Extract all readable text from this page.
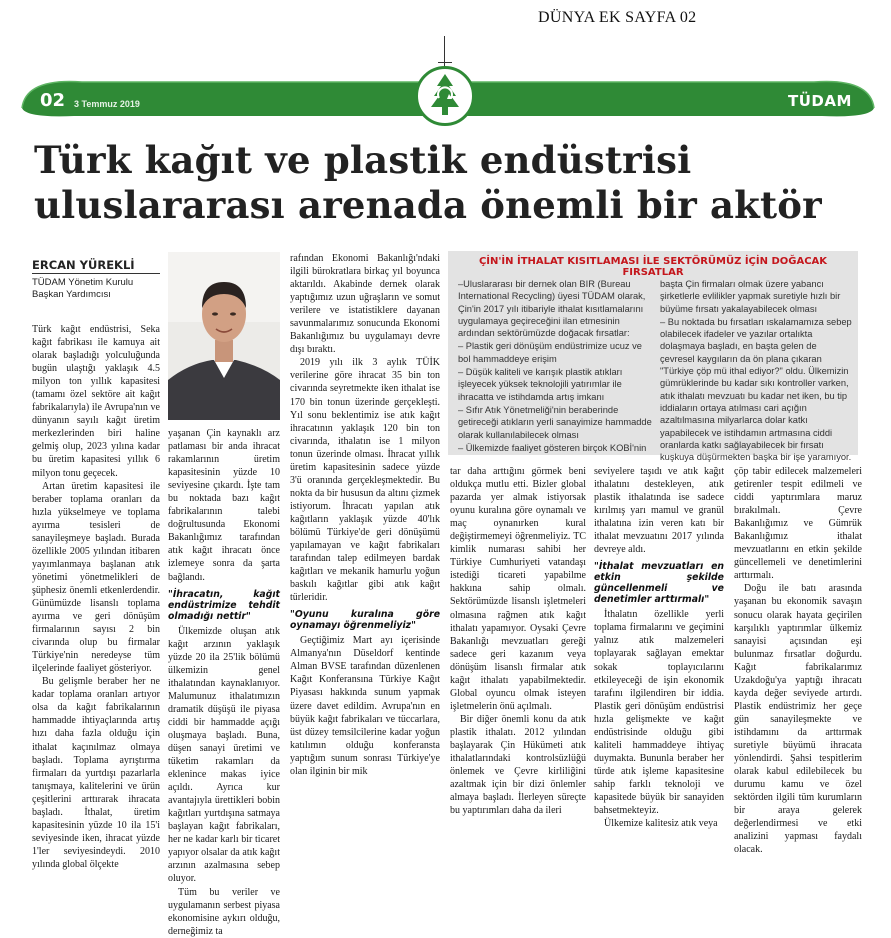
DÜNYA EK SAYFA 02
02 3 Temmuz 2019	TÜDAM
Türk kağıt ve plastik endüstrisi
uluslararası arenada önemli bir aktör
ERCAN YÜREKLİ
TÜDAM Yönetim Kurulu
Başkan Yardımcısı

Türk kağıt endüstrisi, Seka kağıt fabrikası ile kamuya ait olarak başladığı yolculuğunda bugün ulaştığı yaklaşık 4.5 milyon ton yıllık kapasitesi (tamamı özel sektöre ait kağıt fabrikalarıyla) ile Avrupa'nın ve dünyanın sayılı kağıt üretim merkezlerinden biri haline gelmiş olup, 2023 yılına kadar bu üretim kapasitesi yıllık 6 milyon tonu geçecek.

Artan üretim kapasitesi ile beraber toplama oranları da hızla yükselmeye ve toplama ayırma tesisleri de sanayileşmeye başladı. Burada özellikle 2005 yılından itibaren yayımlanmaya başlanan atık yönetimi yönetmelikleri de şüphesiz önemli etkenlerdendir. Günümüzde lisanslı toplama ayırma ve geri dönüşüm firmalarının sayısı 2 bin civarında olup bu firmalar Türkiye'nin neredeyse tüm ilçelerinde faaliyet gösteriyor.

Bu gelişmle beraber her ne kadar toplama oranları artıyor olsa da kağıt fabrikalarının hammadde ihtiyaçlarında artış hızı daha fazla olduğu için ithalat kaçınılmaz olmaya başladı. Toplama ayrıştırma firmaları da yurtdışı pazarlarla tanışmaya, kalitelerini ve ürün çeşitlerini arttırarak ihracata başladı. İthalat, üretim kapasitesinin yüzde 10 ila 15'i seviyesinde iken, ihracat yüzde 1'ler seviyesindeydi. 2010 yılında global ölçekte

yaşanan Çin kaynaklı arz patlaması bir anda ihracat rakamlarının üretim kapasitesinin yüzde 10 seviyesine çıkardı. İşte tam bu noktada bazı kağıt fabrikalarının talebi doğrultusunda Ekonomi Bakanlığımız tarafından atık kağıt ihracatı önce izlemeye sonra da şarta bağlandı.

"İhracatın, kağıt endüstrimize tehdit olmadığı nettir"

Ülkemizde oluşan atık kağıt arzının yaklaşık yüzde 20 ila 25'lik bölümü ülkemizin genel ithalatından kaynaklanıyor. Malumunuz ithalatımızın dramatik düşüşü ile piyasa ciddi bir hammadde açığı oluşmaya başladı. Buna, düşen sanayi üretimi ve tüketim rakamları da eklenince makas iyice açıldı. Ayrıca kur avantajıyla ürettikleri bobin kağıtları yurtdışına satmaya başlayan kağıt fabrikaları, her ne kadar karlı bir ticaret yapıyor olsalar da atık kağıt arzının azalmasına sebep oluyor.

Tüm bu veriler ve uygulamanın serbest piyasa ekonomisine aykırı olduğu, derneğimiz ta

rafından Ekonomi Bakanlığı'ndaki ilgili bürokratlara birkaç yıl boyunca aktarıldı. Akabinde dernek olarak yaptığımız uzun uğraşların ve somut verilere ve istatistiklere dayanan savunmalarımız sonucunda Ekonomi Bakanlığımız bu uygulamayı devre dışı bıraktı.

2019 yılı ilk 3 aylık TÜİK verilerine göre ihracat 35 bin ton civarında seyretmekte iken ithalat ise 170 bin tonun üzerinde gerçekleşti. Yıl sonu beklentimiz ise atık kağıt ihracatının yaklaşık 120 bin ton civarında, ithalatın ise 1 milyon tonun üzerinde olması. İhracat yıllık üretim kapasitesinin sadece yüzde 3'ü oranında gerçekleşmektedir. Bu nokta da bir hususun da altını çizmek istiyorum. İhracatı yapılan atık kağıtların yaklaşık yüzde 40'lık bölümü Türkiye'de geri dönüşümü yapılamayan ve kağıt fabrikaları tarafından talep edilmeyen bardak kağıtları ve mekanik hamurlu yoğun baskılı kağıtlar gibi atık kağıt türleridir.

"Oyunu kuralına göre oynamayı öğrenmeliyiz"

Geçtiğimiz Mart ayı içerisinde Almanya'nın Düseldorf kentinde Alman BVSE tarafından düzenlenen Kağıt Konferansına Türkiye Kağıt Piyasası hakkında sunum yapmak üzere davet edildim. Avrupa'nın en büyük kağıt fabrikaları ve tüccarlara, üst düzey temsilcilerine kadar yoğun katılımın olduğu konferansta yaptığım sunum sonrası Türkiye'ye olan ilginin bir mik

ÇİN'İN İTHALAT KISITLAMASI İLE SEKTÖRÜMÜZ İÇİN DOĞACAK FIRSATLAR

–Uluslararası bir dernek olan BIR (Bureau International Recycling) üyesi TÜDAM olarak, Çin'in 2017 yılı itibariyle ithalat kısıtlamalarını uygulamaya geçireceğini ilan etmesinin ardından sektörümüzde doğacak fırsatlar:

– Plastik geri dönüşüm endüstrimize ucuz ve bol hammaddeye erişim

– Düşük kaliteli ve karışık plastik atıkları işleyecek yüksek teknolojili yatırımlar ile ihracatta ve istihdamda artış imkanı

– Sıfır Atık Yönetmeliği'nin beraberinde getireceği atıkların yerli sanayimize hammadde olarak kullanılabilecek olması

– Ülkemizde faaliyet gösteren birçok KOBİ'nin

başta Çin firmaları olmak üzere yabancı şirketlerle evlilikler yapmak suretiyle hızlı bir büyüme fırsatı yakalayabilecek olması

– Bu noktada bu fırsatları ıskalamamıza sebep olabilecek ifadeler ve yazılar ortalıkta dolaşmaya başladı, en başta gelen de çevresel kaygıların da ön plana çıkaran "Türkiye çöp mü ithal ediyor?" oldu. Ülkemizin gümrüklerinde bu kadar sıkı kontroller varken, atık ithalatı mevzuatı bu kadar net iken, bu tip iddiaların ortaya atılması cari açığın azaltılmasına milyarlarca dolar katkı yapabilecek ve istihdamın artmasına ciddi oranlarda katkı sağlayabilecek bir fırsatı kuşkuya düşürmekten başka bir işe yaramıyor.

tar daha arttığını görmek beni oldukça mutlu etti. Bizler global pazarda yer almak istiyorsak oyunu kuralına göre oynamalı ve maç oynanırken kural değiştirmemeyi öğrenmeliyiz. TC kimlik numarası sahibi her Türkiye Cumhuriyeti vatandaşı istediği ticareti yapabilme hakkına sahip olmalı. Sektörümüzde lisanslı işletmeleri olmasına rağmen atık kağıt ithalatı yapamıyor. Oysaki Çevre Bakanlığı mevzuatları gereği sadece geri kazanım veya dönüşüm lisanslı firmalar atık kağıt ithalatı yapabilmektedir. Global oyuncu olmak isteyen işletmelerin önü açılmalı.

Bir diğer önemli konu da atık plastik ithalatı. 2012 yılından başlayarak Çin Hükümeti atık ithalatlarındaki kontrolsüzlüğü önlemek ve Çevre kirliliğini azaltmak için bir dizi önlemler almaya başladı. İlerleyen süreçte bu yaptırımları daha da ileri

seviyelere taşıdı ve atık kağıt ithalatını destekleyen, atık plastik ithalatında ise sadece kırılmış yarı mamul ve granül ithalatına izin veren katı bir ithalat mevzuatını 2017 yılında devreye aldı.

"İthalat mevzuatları en etkin şekilde güncellenmeli ve denetimler arttırmalı"

İthalatın özellikle yerli toplama firmalarını ve geçimini yalnız atık malzemeleri toplayarak sağlayan emektar sokak toplayıcılarını etkileyeceği de işin ekonomik tarafını ilgilendiren bir iddia. Plastik geri dönüşüm endüstrisi hızla gelişmekte ve kağıt endüstrisinde olduğu gibi kaliteli hammaddeye ihtiyaç duymakta. Bununla beraber her türde atık işleme kapasitesine sahip farklı teknoloji ve kapasitede büyük bir sanayiden bahsetmekteyiz.

Ülkemize kalitesiz atık veya

çöp tabir edilecek malzemeleri getirenler tespit edilmeli ve ciddi yaptırımlara maruz bırakılmalı. Çevre Bakanlığımız ve Gümrük Bakanlığımız ithalat mevzuatlarını en etkin şekilde güncellemeli ve denetimlerini arttırmalı.

Doğu ile batı arasında yaşanan bu ekonomik savaşın sonucu olarak hayata geçirilen karşılıklı yaptırımlar ülkemiz sanayisi açısından eşi bulunmaz fırsatlar doğurdu. Kağıt fabrikalarımız Uzakdoğu'ya yaptığı ihracatı kayda değer seviyede artırdı. Plastik endüstrimiz her geçe gün sanayileşmekte ve istihdamını da arttırmak suretiyle büyümü ihracata yönlendirdi. Şahsi tespitlerim olarak kabul edilebilecek bu durumu kamu ve özel sektörden ilgili tüm kurumların bir araya gelerek değerlendirmesi ve etki analizini yapması faydalı olacak.
